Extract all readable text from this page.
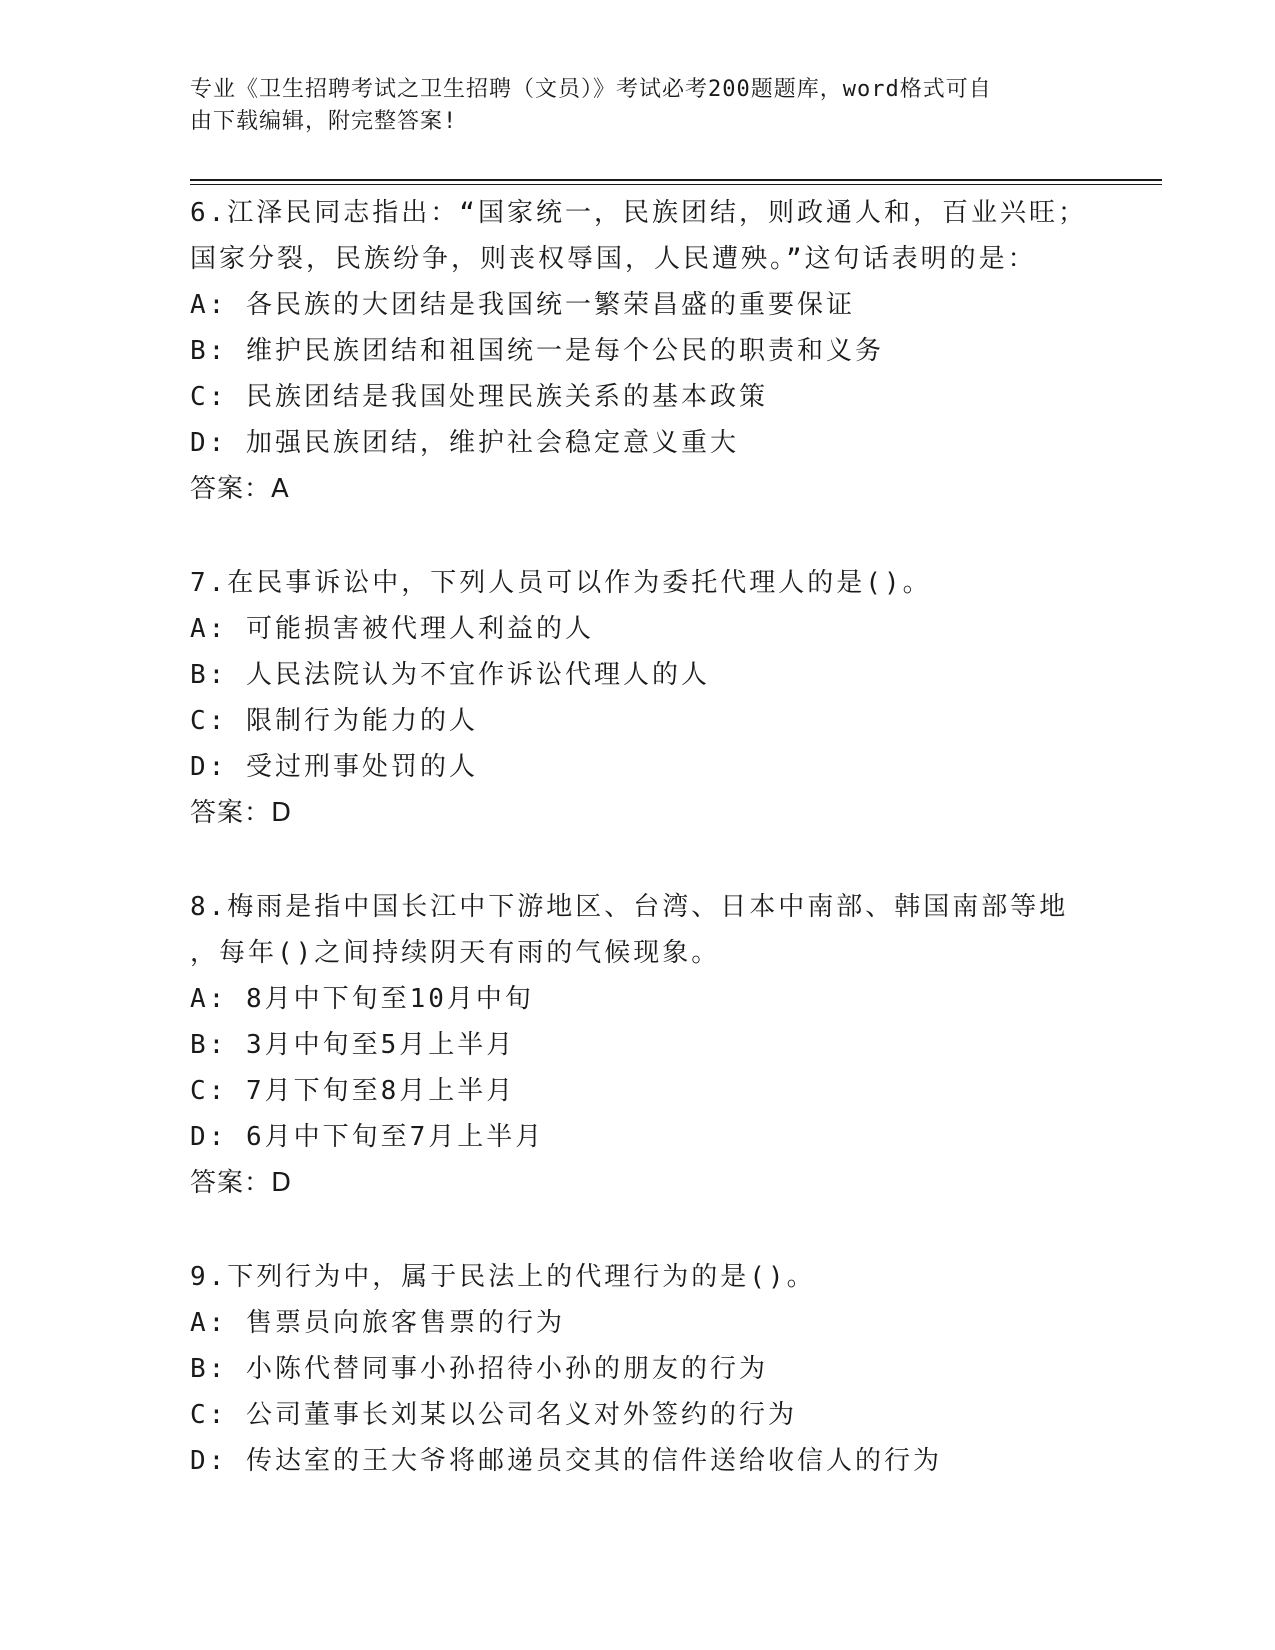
专业《卫生招聘考试之卫生招聘（文员）》考试必考200题题库，word格式可自
由下载编辑，附完整答案!
6.江泽民同志指出：“国家统一，民族团结，则政通人和，百业兴旺；
国家分裂，民族纷争，则丧权辱国，人民遭殃。”这句话表明的是：
A: 各民族的大团结是我国统一繁荣昌盛的重要保证
B: 维护民族团结和祖国统一是每个公民的职责和义务
C: 民族团结是我国处理民族关系的基本政策
D: 加强民族团结，维护社会稳定意义重大
答案：A
7.在民事诉讼中，下列人员可以作为委托代理人的是()。
A: 可能损害被代理人利益的人
B: 人民法院认为不宜作诉讼代理人的人
C: 限制行为能力的人
D: 受过刑事处罚的人
答案：D
8.梅雨是指中国长江中下游地区、台湾、日本中南部、韩国南部等地
，每年()之间持续阴天有雨的气候现象。
A: 8月中下旬至10月中旬
B: 3月中旬至5月上半月
C: 7月下旬至8月上半月
D: 6月中下旬至7月上半月
答案：D
9.下列行为中，属于民法上的代理行为的是()。
A: 售票员向旅客售票的行为
B: 小陈代替同事小孙招待小孙的朋友的行为
C: 公司董事长刘某以公司名义对外签约的行为
D: 传达室的王大爷将邮递员交其的信件送给收信人的行为
